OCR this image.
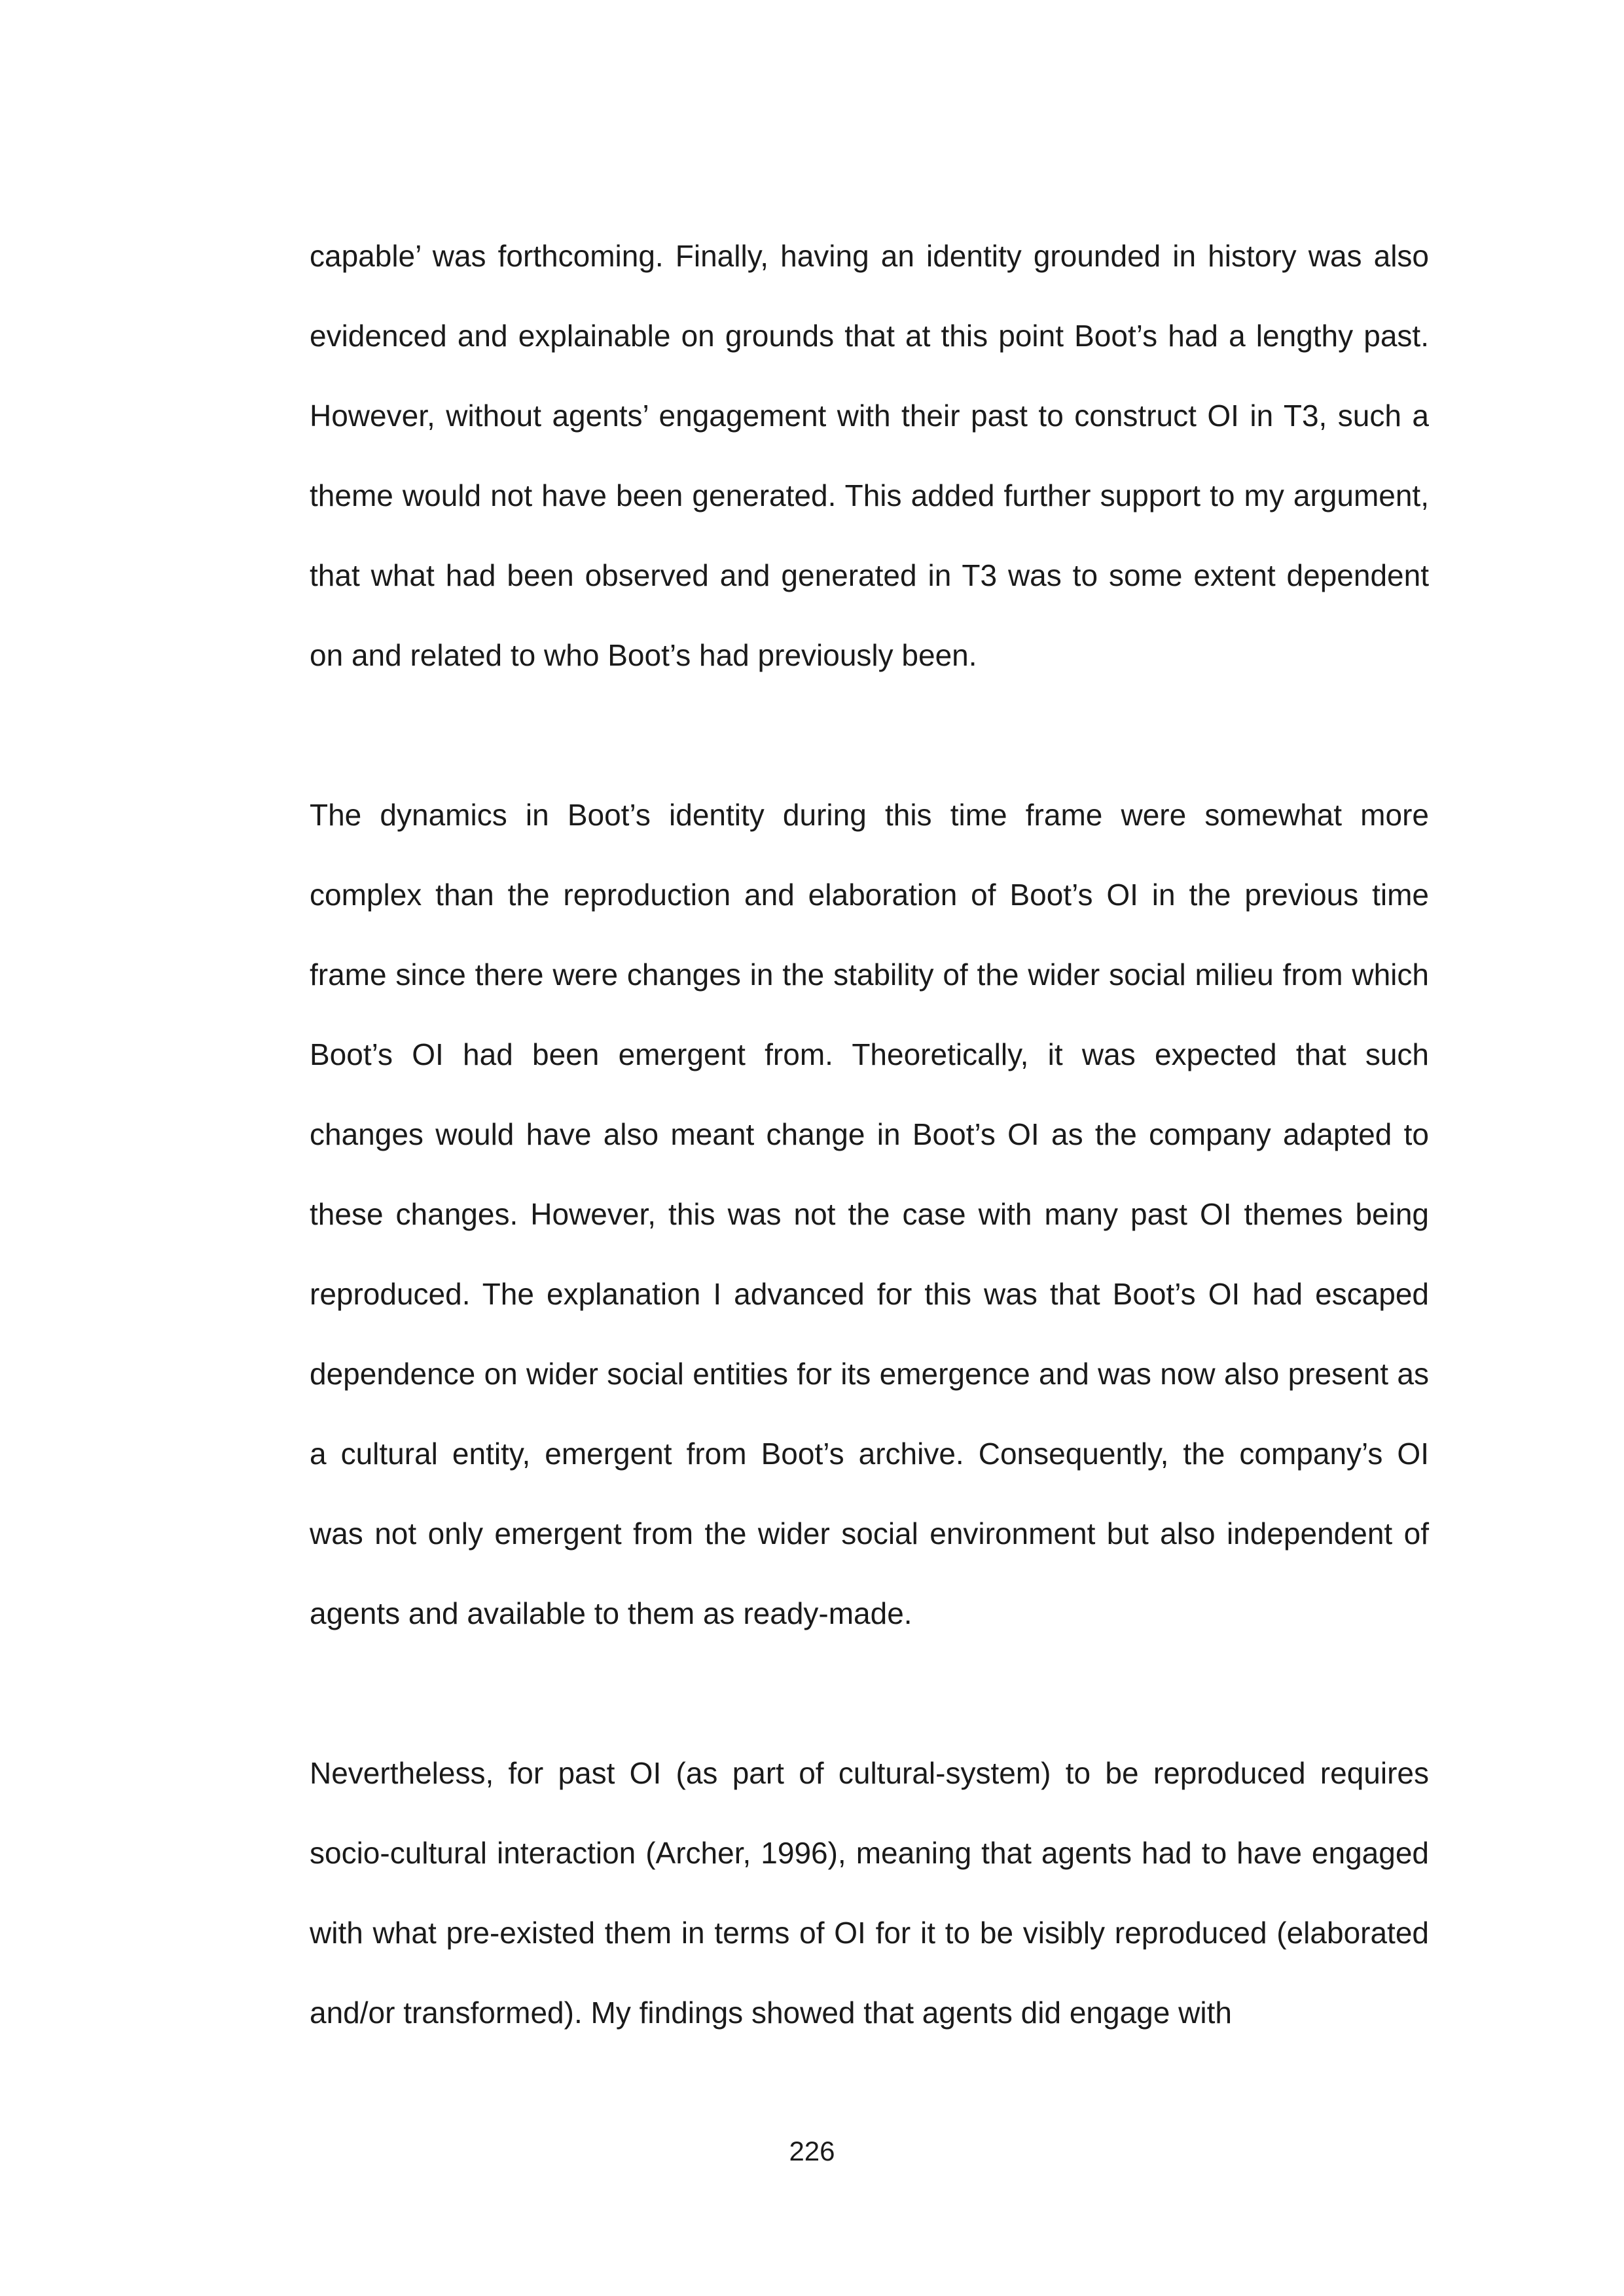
capable’ was forthcoming. Finally, having an identity grounded in history was also evidenced and explainable on grounds that at this point Boot’s had a lengthy past. However, without agents’ engagement with their past to construct OI in T3, such a theme would not have been generated. This added further support to my argument, that what had been observed and generated in T3 was to some extent dependent on and related to who Boot’s had previously been.

The dynamics in Boot’s identity during this time frame were somewhat more complex than the reproduction and elaboration of Boot’s OI in the previous time frame since there were changes in the stability of the wider social milieu from which Boot’s OI had been emergent from. Theoretically, it was expected that such changes would have also meant change in Boot’s OI as the company adapted to these changes. However, this was not the case with many past OI themes being reproduced. The explanation I advanced for this was that Boot’s OI had escaped dependence on wider social entities for its emergence and was now also present as a cultural entity, emergent from Boot’s archive. Consequently, the company’s OI was not only emergent from the wider social environment but also independent of agents and available to them as ready-made.

Nevertheless, for past OI (as part of cultural-system) to be reproduced requires socio-cultural interaction (Archer, 1996), meaning that agents had to have engaged with what pre-existed them in terms of OI for it to be visibly reproduced (elaborated and/or transformed). My findings showed that agents did engage with

226
